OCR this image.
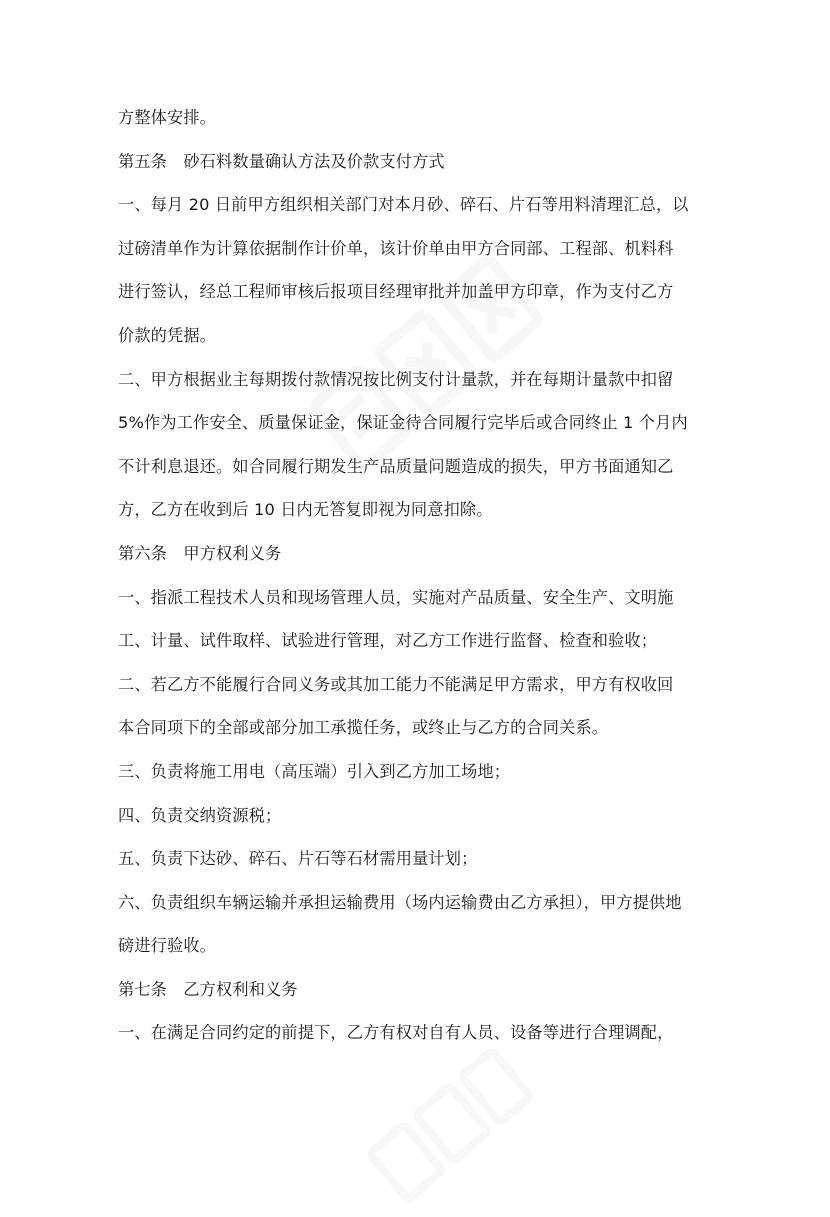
方整体安排。

第五条　砂石料数量确认方法及价款支付方式

一、每月 20 日前甲方组织相关部门对本月砂、碎石、片石等用料清理汇总，以

过磅清单作为计算依据制作计价单，该计价单由甲方合同部、工程部、机料科

进行签认，经总工程师审核后报项目经理审批并加盖甲方印章，作为支付乙方

价款的凭据。

二、甲方根据业主每期拨付款情况按比例支付计量款，并在每期计量款中扣留

5%作为工作安全、质量保证金，保证金待合同履行完毕后或合同终止 1 个月内

不计利息退还。如合同履行期发生产品质量问题造成的损失，甲方书面通知乙

方，乙方在收到后 10 日内无答复即视为同意扣除。

第六条　甲方权利义务

一、指派工程技术人员和现场管理人员，实施对产品质量、安全生产、文明施

工、计量、试件取样、试验进行管理，对乙方工作进行监督、检查和验收；

二、若乙方不能履行合同义务或其加工能力不能满足甲方需求，甲方有权收回

本合同项下的全部或部分加工承揽任务，或终止与乙方的合同关系。

三、负责将施工用电（高压端）引入到乙方加工场地；

四、负责交纳资源税；

五、负责下达砂、碎石、片石等石材需用量计划；

六、负责组织车辆运输并承担运输费用（场内运输费由乙方承担），甲方提供地

磅进行验收。

第七条　乙方权利和义务

一、在满足合同约定的前提下，乙方有权对自有人员、设备等进行合理调配，
